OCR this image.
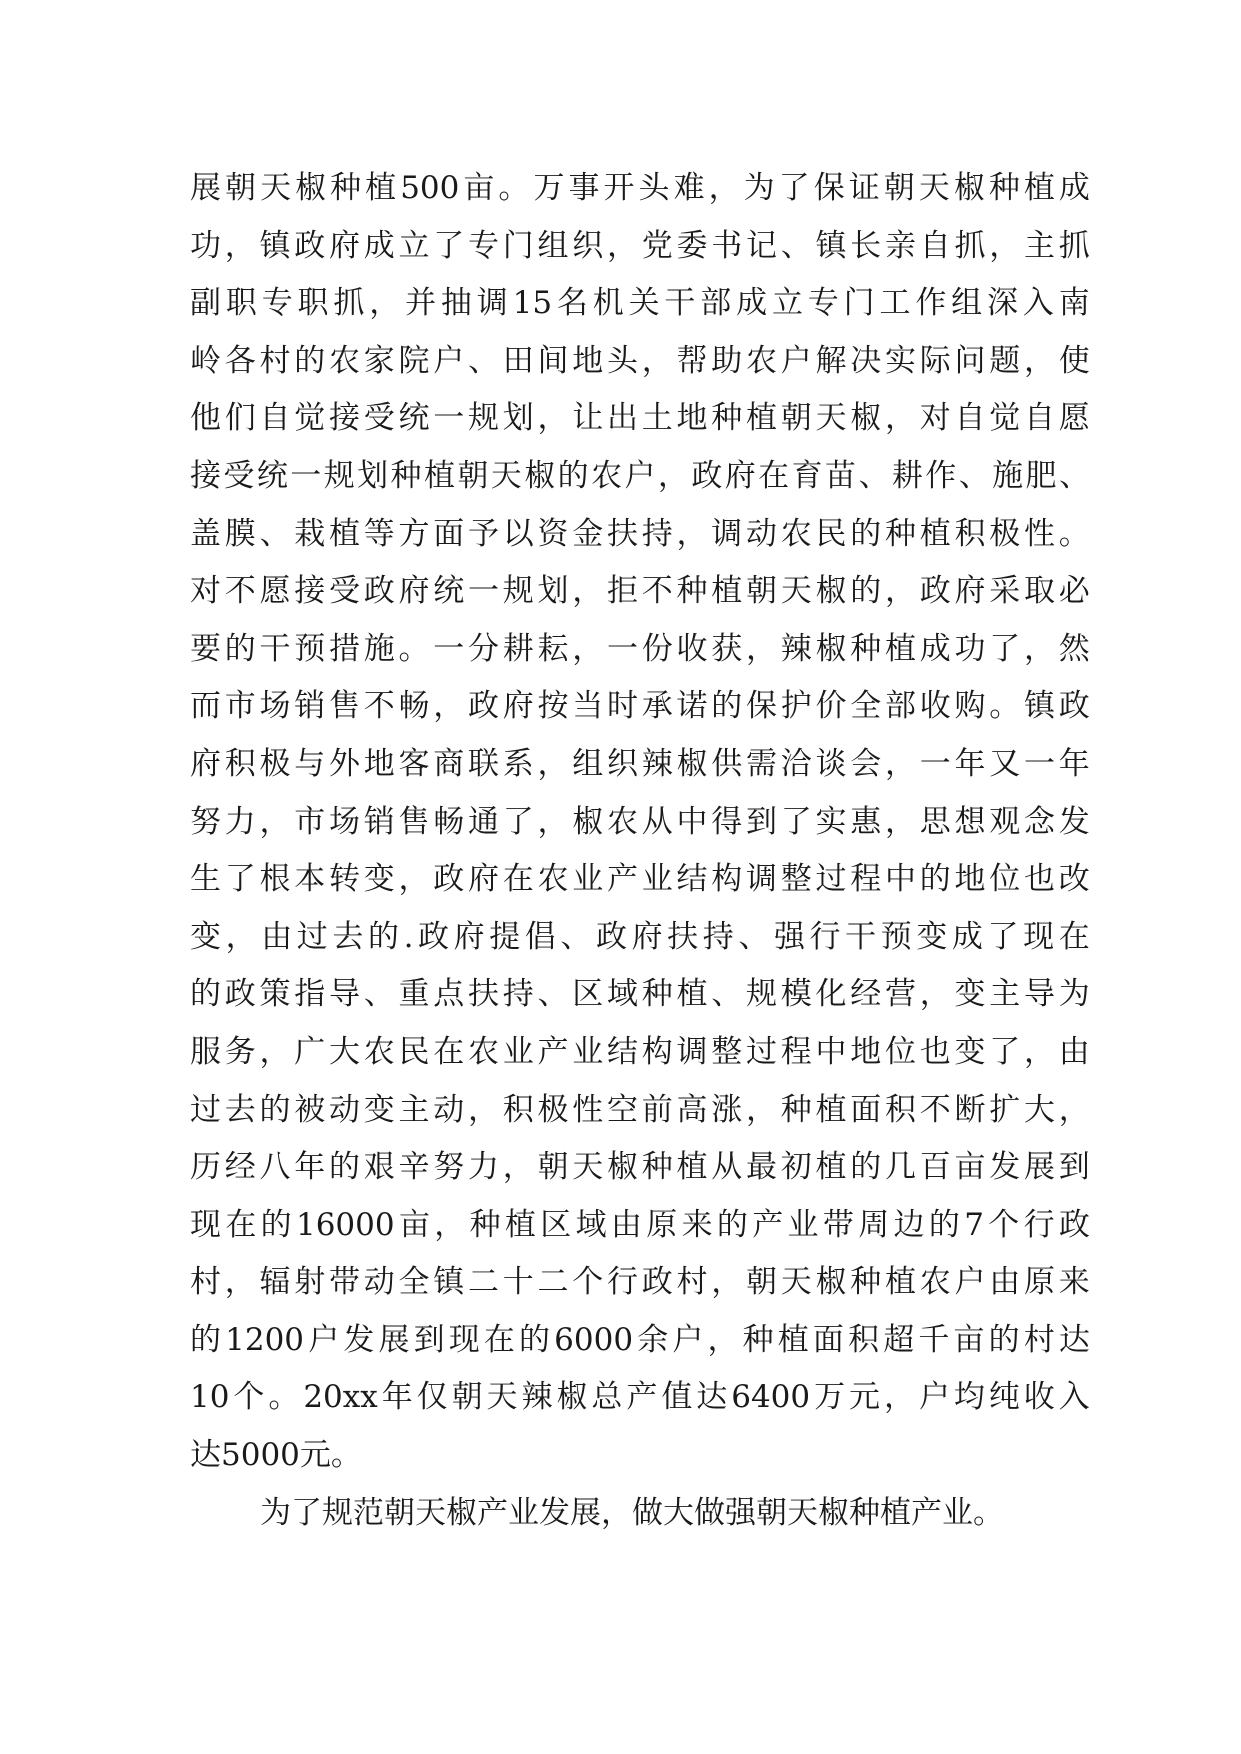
展 朝 天 椒 种 植 500 亩 。 万 事 开 头 难 ， 为 了 保 证 朝 天 椒 种 植 成
功 ， 镇 政 府 成 立 了 专 门 组 织 ， 党 委 书 记 、 镇 长 亲 自 抓 ， 主 抓
副 职 专 职 抓 ， 并 抽 调 15 名 机 关 干 部 成 立 专 门 工 作 组 深 入 南
岭 各 村 的 农 家 院 户 、 田 间 地 头 ， 帮 助 农 户 解 决 实 际 问 题 ， 使
他 们 自 觉 接 受 统 一 规 划 ， 让 出 土 地 种 植 朝 天 椒 ， 对 自 觉 自 愿
接 受 统 一 规 划 种 植 朝 天 椒 的 农 户 ， 政 府 在 育 苗 、 耕 作 、 施 肥 、
盖 膜 、 栽 植 等 方 面 予 以 资 金 扶 持 ， 调 动 农 民 的 种 植 积 极 性 。
对 不 愿 接 受 政 府 统 一 规 划 ， 拒 不 种 植 朝 天 椒 的 ， 政 府 采 取 必
要 的 干 预 措 施 。 一 分 耕 耘 ， 一 份 收 获 ， 辣 椒 种 植 成 功 了 ， 然
而 市 场 销 售 不 畅 ， 政 府 按 当 时 承 诺 的 保 护 价 全 部 收 购 。 镇 政
府 积 极 与 外 地 客 商 联 系 ， 组 织 辣 椒 供 需 洽 谈 会 ， 一 年 又 一 年
努 力 ， 市 场 销 售 畅 通 了 ， 椒 农 从 中 得 到 了 实 惠 ， 思 想 观 念 发
生 了 根 本 转 变 ， 政 府 在 农 业 产 业 结 构 调 整 过 程 中 的 地 位 也 改
变 ， 由 过 去 的 . 政 府 提 倡 、 政 府 扶 持 、 强 行 干 预 变 成 了 现 在
的 政 策 指 导 、 重 点 扶 持 、 区 域 种 植 、 规 模 化 经 营 ， 变 主 导 为
服 务 ， 广 大 农 民 在 农 业 产 业 结 构 调 整 过 程 中 地 位 也 变 了 ， 由
过 去 的 被 动 变 主 动 ， 积 极 性 空 前 高 涨 ， 种 植 面 积 不 断 扩 大 ，
历 经 八 年 的 艰 辛 努 力 ， 朝 天 椒 种 植 从 最 初 植 的 几 百 亩 发 展 到
现 在 的 16000 亩 ， 种 植 区 域 由 原 来 的 产 业 带 周 边 的 7 个 行 政
村 ， 辐 射 带 动 全 镇 二 十 二 个 行 政 村 ， 朝 天 椒 种 植 农 户 由 原 来
的 1200 户 发 展 到 现 在 的 6000 余 户 ， 种 植 面 积 超 千 亩 的 村 达
10 个 。 20xx 年 仅 朝 天 辣 椒 总 产 值 达 6400 万 元 ， 户 均 纯 收 入
达5000元。
为了规范朝天椒产业发展，做大做强朝天椒种植产业。
